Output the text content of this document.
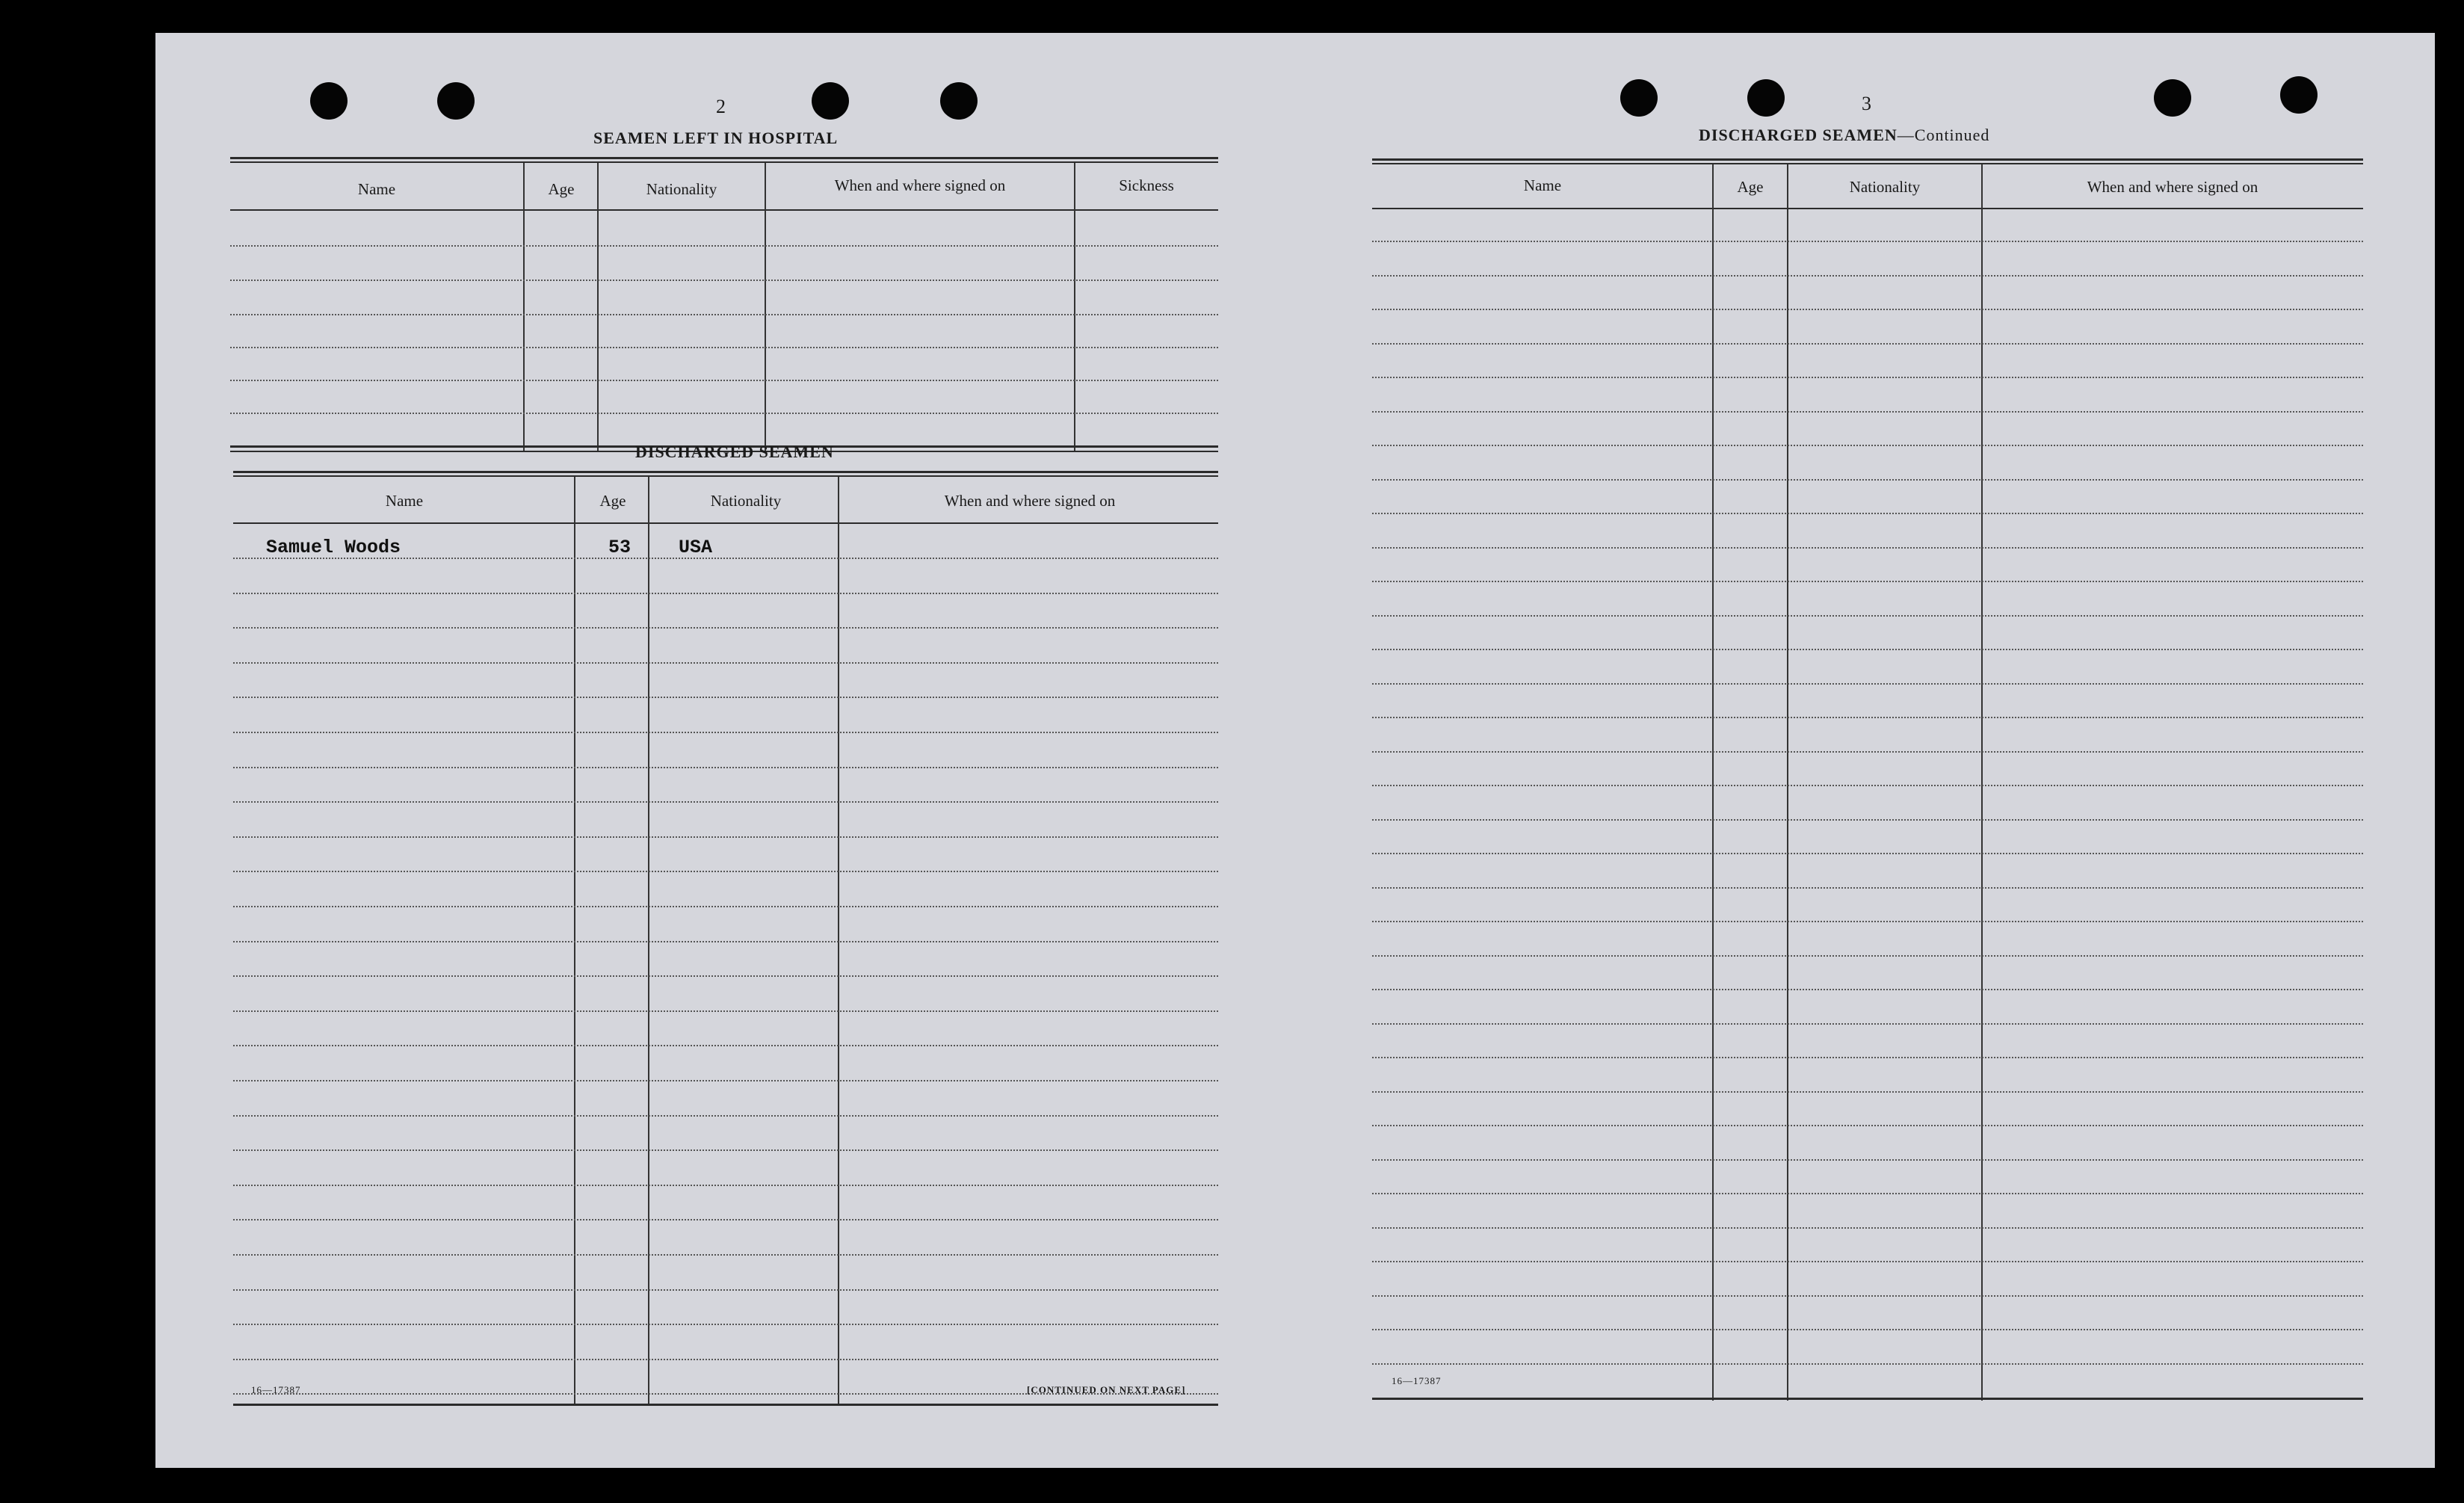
2
SEAMEN LEFT IN HOSPITAL
Name	Age	Nationality	When and where signed on	Sickness
DISCHARGED SEAMEN
Name	Age	Nationality	When and where signed on
Samuel Woods	53	USA
16—17387	[CONTINUED ON NEXT PAGE]
3
DISCHARGED SEAMEN—Continued
Name	Age	Nationality	When and where signed on
16—17387
